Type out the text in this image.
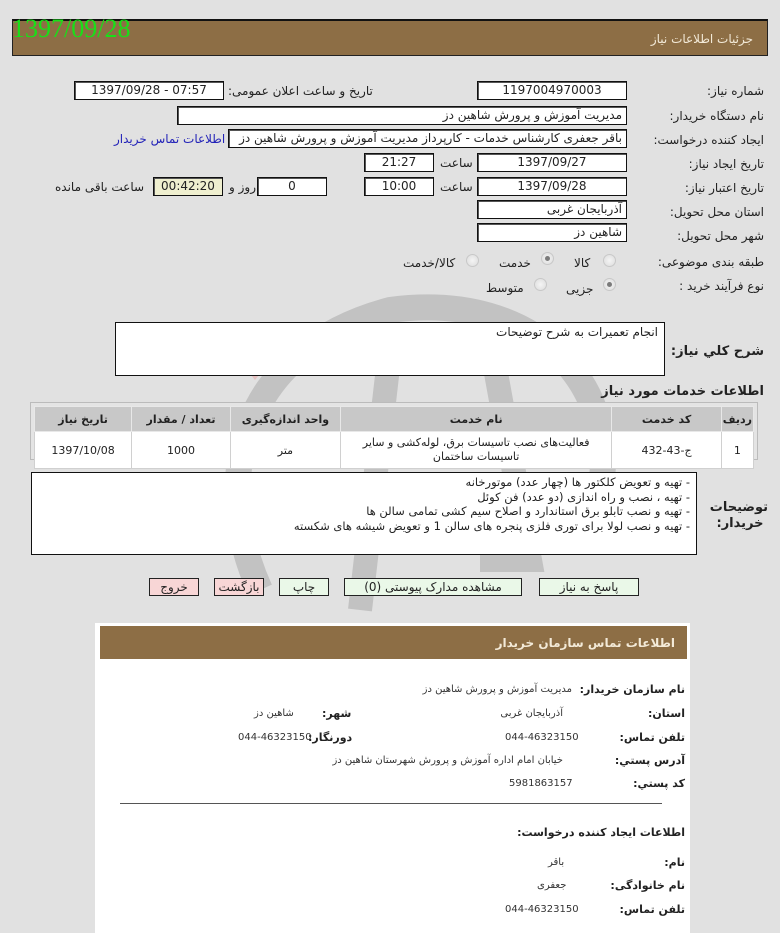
جزئیات اطلاعات نیاز
1397/09/28
شماره نیاز:
1197004970003
تاریخ و ساعت اعلان عمومی:
1397/09/28 - 07:57
نام دستگاه خریدار:
مدیریت آموزش و پرورش شاهین دز
ایجاد کننده درخواست:
باقر جعفری کارشناس خدمات - کارپرداز مدیریت آموزش و پرورش شاهین دز
اطلاعات تماس خریدار
تاریخ ایجاد نیاز:
1397/09/27
ساعت
21:27
تاریخ اعتبار نیاز:
1397/09/28
ساعت
10:00
0
روز و
00:42:20
ساعت باقی مانده
استان محل تحویل:
آذربایجان غربی
شهر محل تحویل:
شاهین دز
طبقه بندی موضوعی:
کالا
خدمت
کالا/خدمت
نوع فرآیند خرید :
جزیی
متوسط
شرح کلي نیاز:
انجام تعمیرات به شرح توضیحات
اطلاعات خدمات مورد نیاز
ردیف	کد خدمت	نام خدمت	واحد اندازه‌گیری	تعداد / مقدار	تاریخ نیاز
1	ج-43-432	فعالیت‌های نصب تاسیسات برق، لوله‌کشی و سایر تاسیسات ساختمان	متر	1000	1397/10/08
توضیحات خریدار:
- تهیه و تعویض کلکتور ها (چهار عدد) موتورخانه
- تهیه ، نصب و راه اندازی (دو عدد) فن کوئل
- تهیه و نصب تابلو برق استاندارد و اصلاح سیم کشی تمامی سالن ها
- تهیه و نصب لولا برای توری فلزی پنجره های سالن 1 و تعویض شیشه های شکسته
پاسخ به نیاز
مشاهده مدارک پیوستی (0)
چاپ
بازگشت
خروج
اطلاعات تماس سازمان خریدار
نام سازمان خریدار:
مدیریت آموزش و پرورش شاهین دز
استان:
آذربایجان غربی
شهر:
شاهین دز
تلفن تماس:
044-46323150
دورنگار:
044-46323150
آدرس پستي:
خیابان امام اداره آموزش و پرورش شهرستان شاهین دز
کد پستي:
5981863157
اطلاعات ایجاد کننده درخواست:
نام:
باقر
نام خانوادگی:
جعفری
تلفن تماس:
044-46323150
